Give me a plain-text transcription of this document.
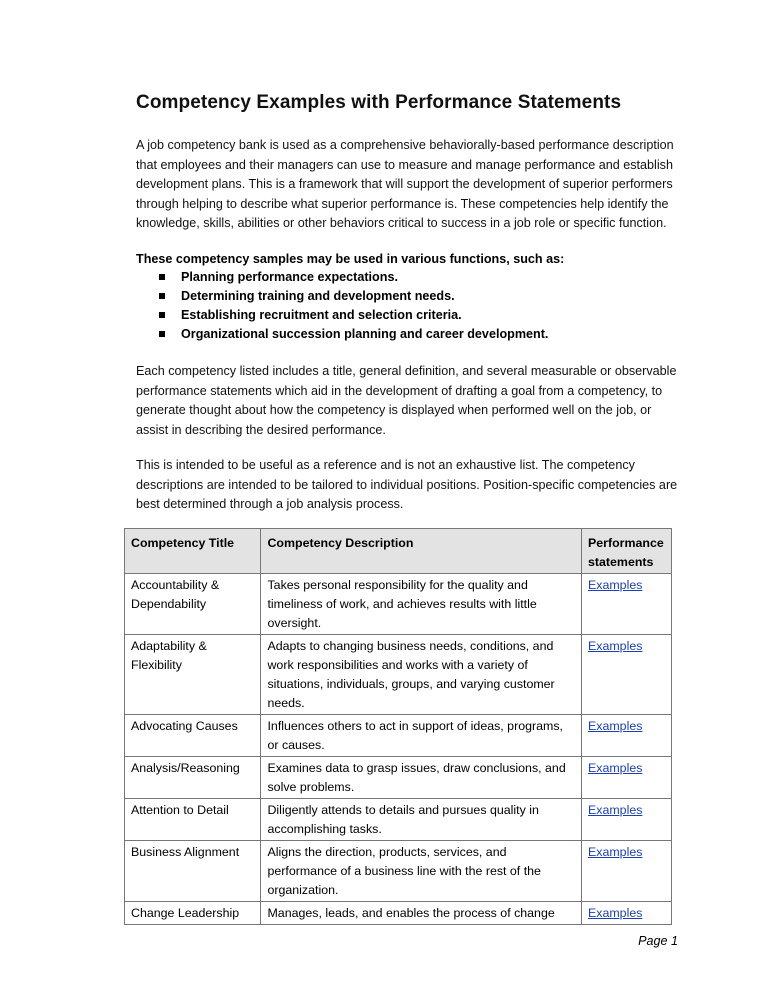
Competency Examples with Performance Statements

A job competency bank is used as a comprehensive behaviorally-based performance description that employees and their managers can use to measure and manage performance and establish development plans. This is a framework that will support the development of superior performers through helping to describe what superior performance is. These competencies help identify the knowledge, skills, abilities or other behaviors critical to success in a job role or specific function.

These competency samples may be used in various functions, such as:

Planning performance expectations.
Determining training and development needs.
Establishing recruitment and selection criteria.
Organizational succession planning and career development.

Each competency listed includes a title, general definition, and several measurable or observable performance statements which aid in the development of drafting a goal from a competency, to generate thought about how the competency is displayed when performed well on the job, or assist in describing the desired performance.

This is intended to be useful as a reference and is not an exhaustive list. The competency descriptions are intended to be tailored to individual positions. Position-specific competencies are best determined through a job analysis process.

Competency Title	Competency Description	Performance statements
Accountability & Dependability	Takes personal responsibility for the quality and timeliness of work, and achieves results with little oversight.	Examples
Adaptability & Flexibility	Adapts to changing business needs, conditions, and work responsibilities and works with a variety of situations, individuals, groups, and varying customer needs.	Examples
Advocating Causes	Influences others to act in support of ideas, programs, or causes.	Examples
Analysis/Reasoning	Examines data to grasp issues, draw conclusions, and solve problems.	Examples
Attention to Detail	Diligently attends to details and pursues quality in accomplishing tasks.	Examples
Business Alignment	Aligns the direction, products, services, and performance of a business line with the rest of the organization.	Examples
Change Leadership	Manages, leads, and enables the process of change	Examples
Page 1
